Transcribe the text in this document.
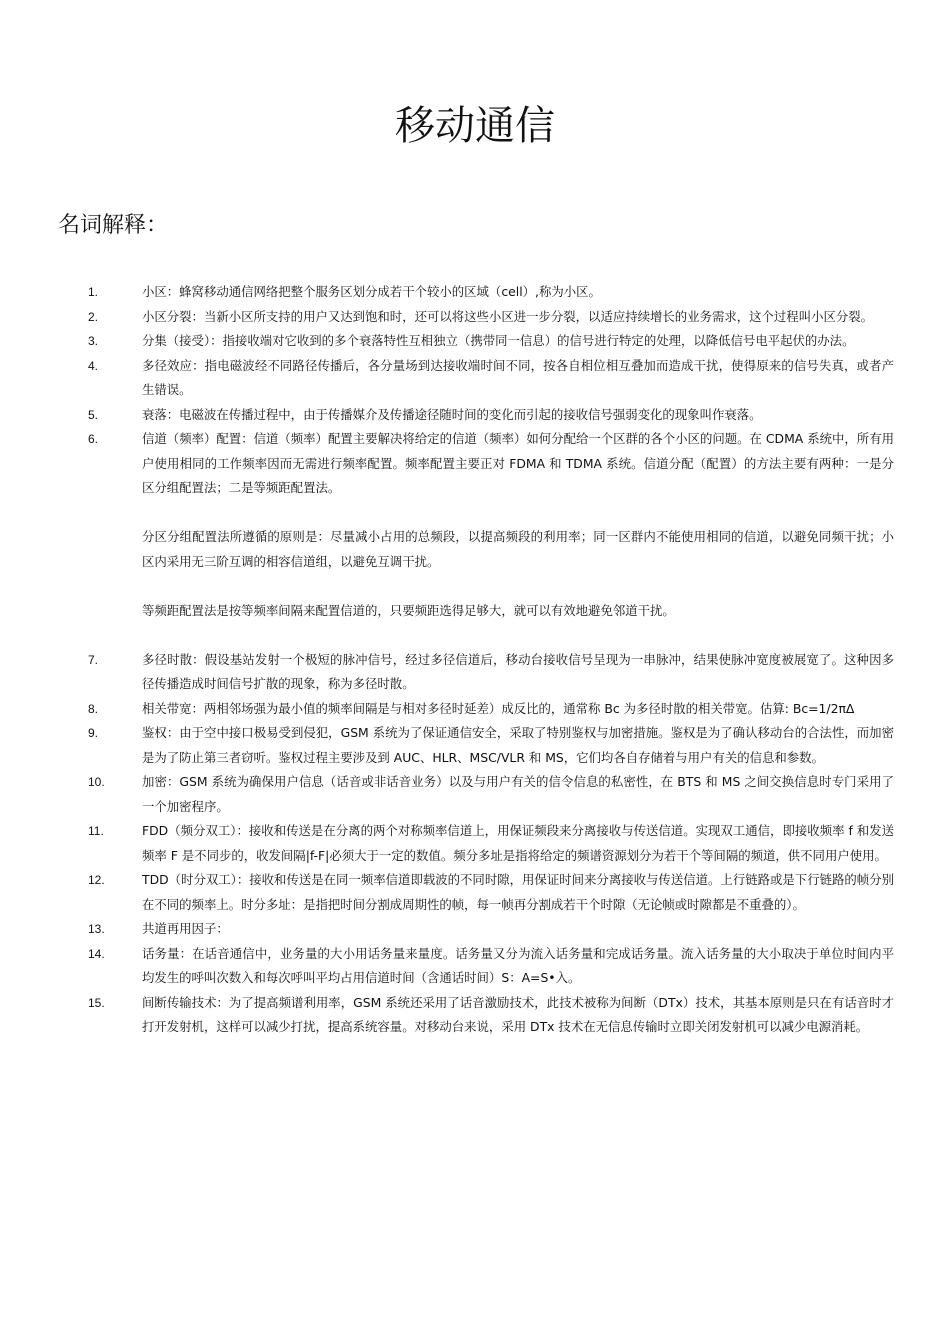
移动通信
名词解释：
1.	小区：蜂窝移动通信网络把整个服务区划分成若干个较小的区域（cell）,称为小区。
2.	小区分裂：当新小区所支持的用户又达到饱和时，还可以将这些小区进一步分裂，以适应持续增长的业务需求，这个过程叫小区分裂。
3.	分集（接受）：指接收端对它收到的多个衰落特性互相独立（携带同一信息）的信号进行特定的处理，以降低信号电平起伏的办法。
4.	多径效应：指电磁波经不同路径传播后，各分量场到达接收端时间不同，按各自相位相互叠加而造成干扰，使得原来的信号失真，或者产生错误。
5.	衰落：电磁波在传播过程中，由于传播媒介及传播途径随时间的变化而引起的接收信号强弱变化的现象叫作衰落。
6.	信道（频率）配置：信道（频率）配置主要解决将给定的信道（频率）如何分配给一个区群的各个小区的问题。在 CDMA 系统中，所有用户使用相同的工作频率因而无需进行频率配置。频率配置主要正对 FDMA 和 TDMA 系统。信道分配（配置）的方法主要有两种：一是分区分组配置法；二是等频距配置法。
分区分组配置法所遵循的原则是：尽量减小占用的总频段，以提高频段的利用率；同一区群内不能使用相同的信道，以避免同频干扰；小区内采用无三阶互调的相容信道组，以避免互调干扰。
等频距配置法是按等频率间隔来配置信道的，只要频距选得足够大，就可以有效地避免邻道干扰。
7.	多径时散：假设基站发射一个极短的脉冲信号，经过多径信道后，移动台接收信号呈现为一串脉冲，结果使脉冲宽度被展宽了。这种因多径传播造成时间信号扩散的现象，称为多径时散。
8.	相关带宽：两相邻场强为最小值的频率间隔是与相对多径时延差）成反比的，通常称 Bc 为多径时散的相关带宽。估算: Bc=1/2πΔ
9.	鉴权：由于空中接口极易受到侵犯，GSM 系统为了保证通信安全，采取了特别鉴权与加密措施。鉴权是为了确认移动台的合法性，而加密是为了防止第三者窃听。鉴权过程主要涉及到 AUC、HLR、MSC/VLR 和 MS，它们均各自存储着与用户有关的信息和参数。
10.	加密：GSM 系统为确保用户信息（话音或非话音业务）以及与用户有关的信令信息的私密性，在 BTS 和 MS 之间交换信息时专门采用了一个加密程序。
11.	FDD（频分双工）：接收和传送是在分离的两个对称频率信道上，用保证频段来分离接收与传送信道。实现双工通信，即接收频率 f 和发送频率 F 是不同步的，收发间隔|f-F|必须大于一定的数值。频分多址是指将给定的频谱资源划分为若干个等间隔的频道，供不同用户使用。
12.	TDD（时分双工）：接收和传送是在同一频率信道即载波的不同时隙，用保证时间来分离接收与传送信道。上行链路或是下行链路的帧分别在不同的频率上。时分多址：是指把时间分割成周期性的帧，每一帧再分割成若干个时隙（无论帧或时隙都是不重叠的）。
13.	共道再用因子：
14.	话务量：在话音通信中，业务量的大小用话务量来量度。话务量又分为流入话务量和完成话务量。流入话务量的大小取决于单位时间内平均发生的呼叫次数入和每次呼叫平均占用信道时间（含通话时间）S：A=S•入。
15.	间断传输技术：为了提高频谱利用率，GSM 系统还采用了话音激励技术，此技术被称为间断（DTx）技术，其基本原则是只在有话音时才打开发射机，这样可以减少打扰，提高系统容量。对移动台来说，采用 DTx 技术在无信息传输时立即关闭发射机可以减少电源消耗。
